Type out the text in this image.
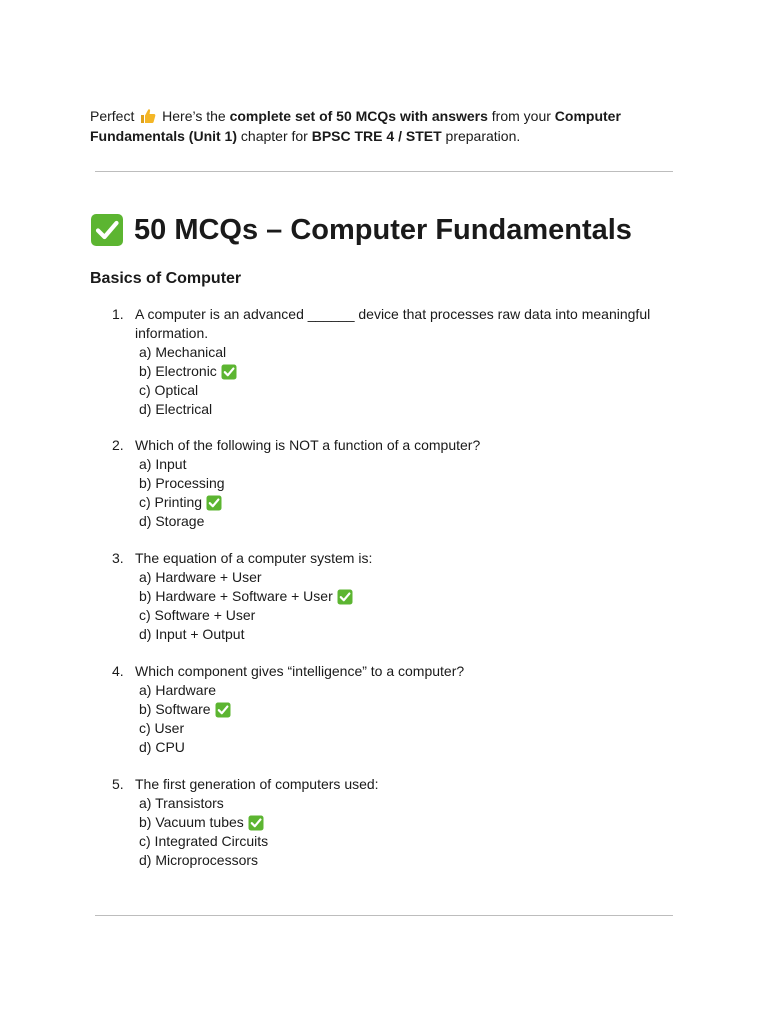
Perfect  Here’s the complete set of 50 MCQs with answers from your Computer Fundamentals (Unit 1) chapter for BPSC TRE 4 / STET preparation.
50 MCQs – Computer Fundamentals
Basics of Computer
1. A computer is an advanced ______ device that processes raw data into meaningful information.
a) Mechanical
b) Electronic
c) Optical
d) Electrical
2. Which of the following is NOT a function of a computer?
a) Input
b) Processing
c) Printing
d) Storage
3. The equation of a computer system is:
a) Hardware + User
b) Hardware + Software + User
c) Software + User
d) Input + Output
4. Which component gives “intelligence” to a computer?
a) Hardware
b) Software
c) User
d) CPU
5. The first generation of computers used:
a) Transistors
b) Vacuum tubes
c) Integrated Circuits
d) Microprocessors
